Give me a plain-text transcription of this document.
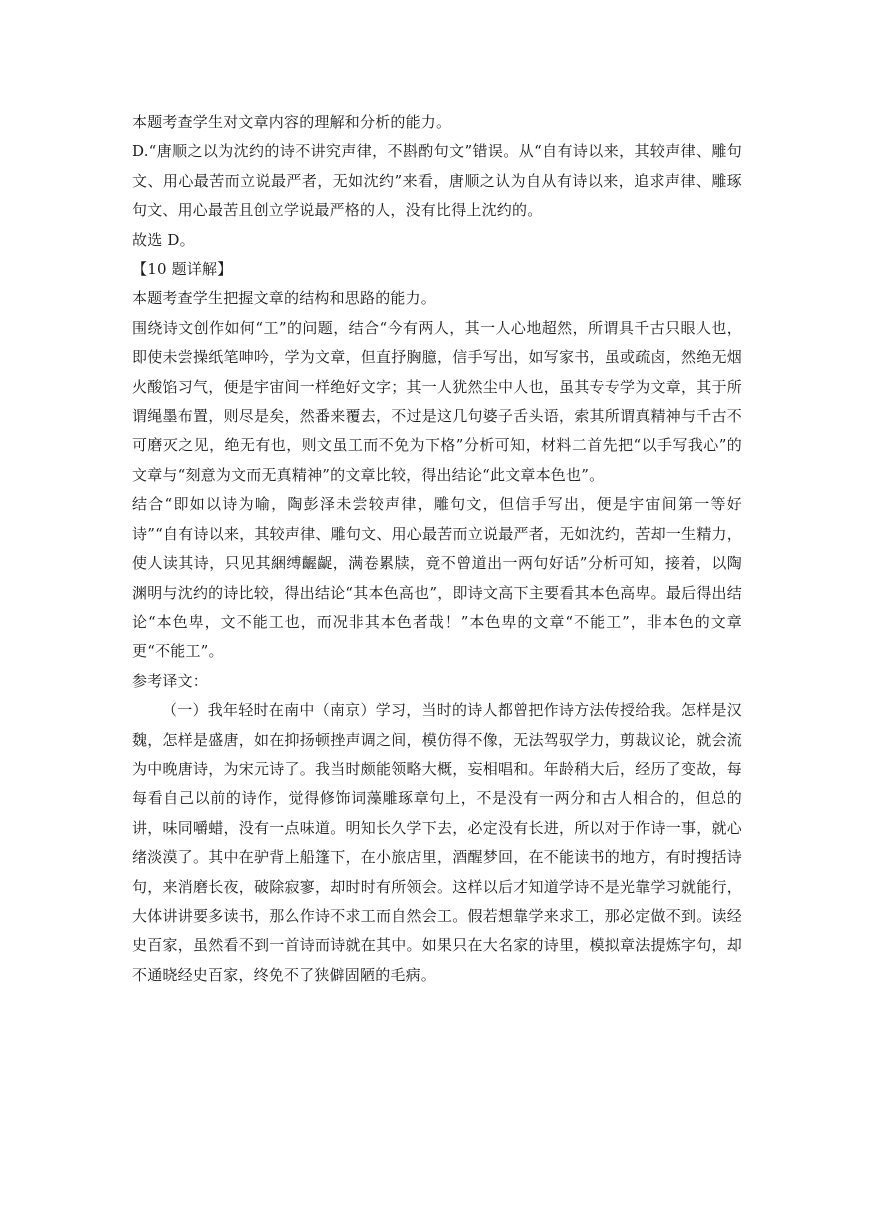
本题考查学生对文章内容的理解和分析的能力。

D.“唐顺之以为沈约的诗不讲究声律，不斟酌句文”错误。从“自有诗以来，其较声律、雕句文、用心最苦而立说最严者，无如沈约”来看，唐顺之认为自从有诗以来，追求声律、雕琢句文、用心最苦且创立学说最严格的人，没有比得上沈约的。

故选 D。

【10 题详解】

本题考查学生把握文章的结构和思路的能力。

围绕诗文创作如何“工”的问题，结合“今有两人，其一人心地超然，所谓具千古只眼人也，即使未尝操纸笔呻吟，学为文章，但直抒胸臆，信手写出，如写家书，虽或疏卤，然绝无烟火酸馅习气，便是宇宙间一样绝好文字；其一人犹然尘中人也，虽其专专学为文章，其于所谓绳墨布置，则尽是矣，然番来覆去，不过是这几句婆子舌头语，索其所谓真精神与千古不可磨灭之见，绝无有也，则文虽工而不免为下格”分析可知，材料二首先把“以手写我心”的文章与“刻意为文而无真精神”的文章比较，得出结论“此文章本色也”。

结合“即如以诗为喻，陶彭泽未尝较声律，雕句文，但信手写出，便是宇宙间第一等好诗”“自有诗以来，其较声律、雕句文、用心最苦而立说最严者，无如沈约，苦却一生精力，使人读其诗，只见其綑缚齷齪，满卷累牍，竟不曾道出一两句好话”分析可知，接着，以陶渊明与沈约的诗比较，得出结论“其本色高也”，即诗文高下主要看其本色高卑。最后得出结论“本色卑，文不能工也，而况非其本色者哉！”本色卑的文章“不能工”，非本色的文章更“不能工”。

参考译文：

（一）我年轻时在南中（南京）学习，当时的诗人都曾把作诗方法传授给我。怎样是汉魏，怎样是盛唐，如在抑扬顿挫声调之间，模仿得不像，无法驾驭学力，剪裁议论，就会流为中晚唐诗，为宋元诗了。我当时颇能领略大概，妄相唱和。年龄稍大后，经历了变故，每每看自己以前的诗作，觉得修饰词藻雕琢章句上，不是没有一两分和古人相合的，但总的讲，味同嚼蜡，没有一点味道。明知长久学下去，必定没有长进，所以对于作诗一事，就心绪淡漠了。其中在驴背上船篷下，在小旅店里，酒醒梦回，在不能读书的地方，有时搜括诗句，来消磨长夜，破除寂寥，却时时有所领会。这样以后才知道学诗不是光靠学习就能行，大体讲讲要多读书，那么作诗不求工而自然会工。假若想靠学来求工，那必定做不到。读经史百家，虽然看不到一首诗而诗就在其中。如果只在大名家的诗里，模拟章法提炼字句，却不通晓经史百家，终免不了狭僻固陋的毛病。
